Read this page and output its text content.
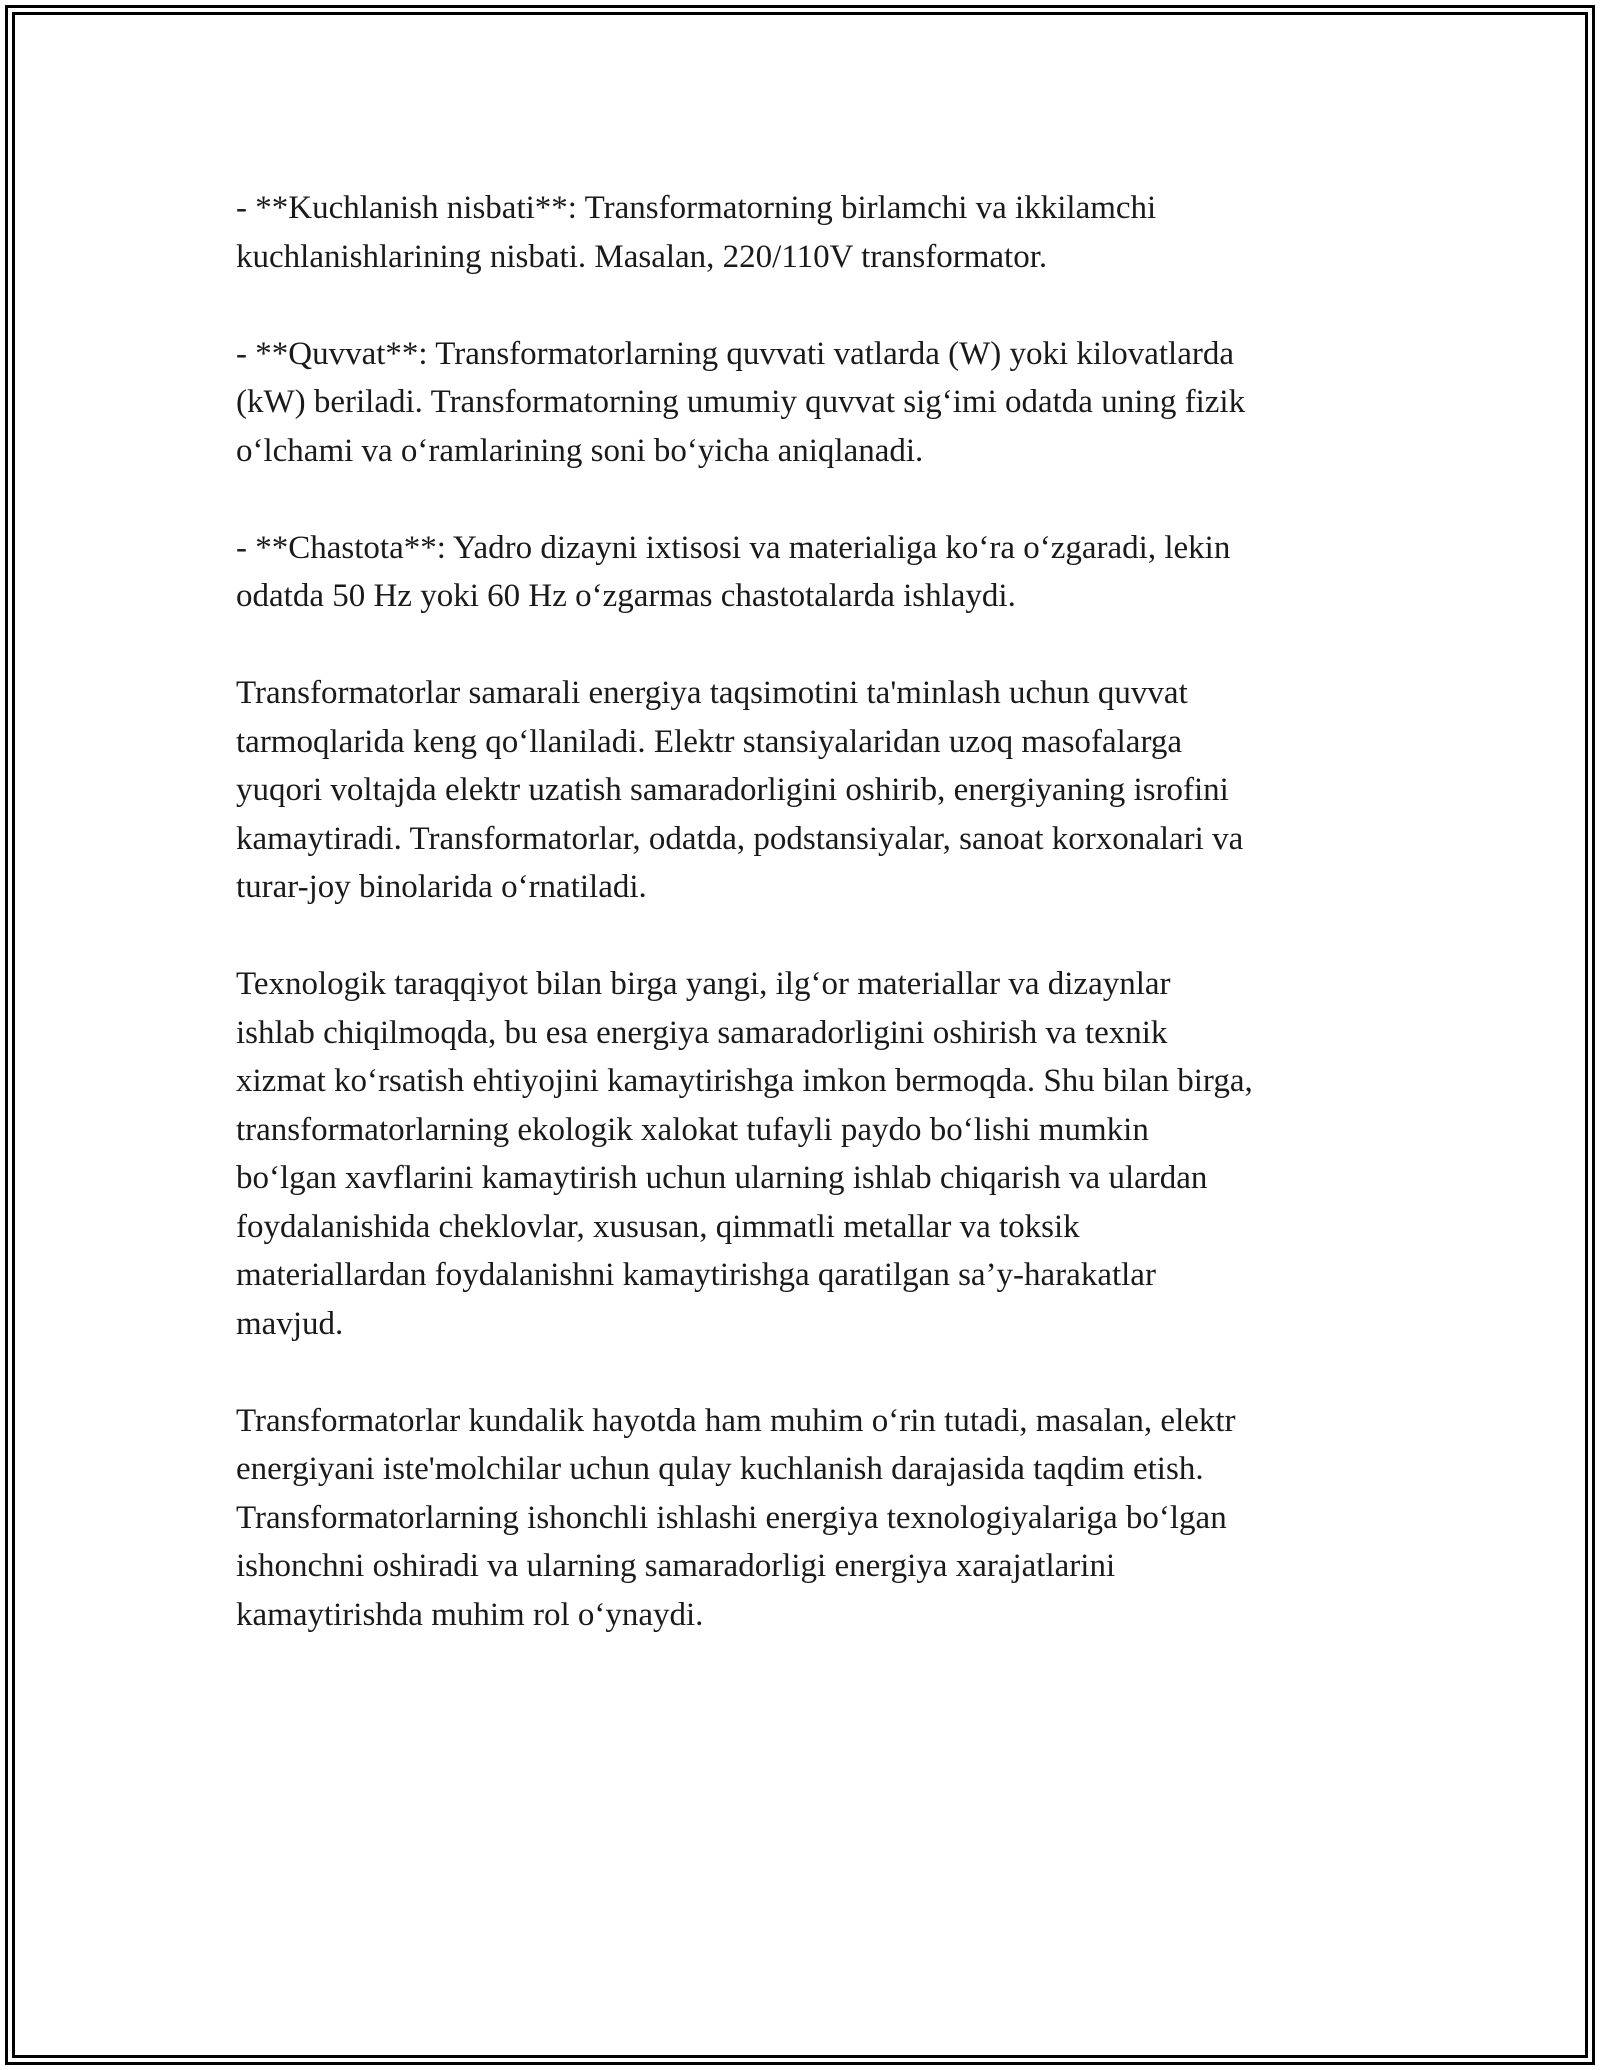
- **Kuchlanish nisbati**: Transformatorning birlamchi va ikkilamchi
kuchlanishlarining nisbati. Masalan, 220/110V transformator.

- **Quvvat**: Transformatorlarning quvvati vatlarda (W) yoki kilovatlarda
(kW) beriladi. Transformatorning umumiy quvvat sig‘imi odatda uning fizik
o‘lchami va o‘ramlarining soni bo‘yicha aniqlanadi.

- **Chastota**: Yadro dizayni ixtisosi va materialiga ko‘ra o‘zgaradi, lekin
odatda 50 Hz yoki 60 Hz o‘zgarmas chastotalarda ishlaydi.

Transformatorlar samarali energiya taqsimotini ta'minlash uchun quvvat
tarmoqlarida keng qo‘llaniladi. Elektr stansiyalaridan uzoq masofalarga
yuqori voltajda elektr uzatish samaradorligini oshirib, energiyaning isrofini
kamaytiradi. Transformatorlar, odatda, podstansiyalar, sanoat korxonalari va
turar-joy binolarida o‘rnatiladi.

Texnologik taraqqiyot bilan birga yangi, ilg‘or materiallar va dizaynlar
ishlab chiqilmoqda, bu esa energiya samaradorligini oshirish va texnik
xizmat ko‘rsatish ehtiyojini kamaytirishga imkon bermoqda. Shu bilan birga,
transformatorlarning ekologik xalokat tufayli paydo bo‘lishi mumkin
bo‘lgan xavflarini kamaytirish uchun ularning ishlab chiqarish va ulardan
foydalanishida cheklovlar, xususan, qimmatli metallar va toksik
materiallardan foydalanishni kamaytirishga qaratilgan sa’y-harakatlar
mavjud.

Transformatorlar kundalik hayotda ham muhim o‘rin tutadi, masalan, elektr
energiyani iste'molchilar uchun qulay kuchlanish darajasida taqdim etish.
Transformatorlarning ishonchli ishlashi energiya texnologiyalariga bo‘lgan
ishonchni oshiradi va ularning samaradorligi energiya xarajatlarini
kamaytirishda muhim rol o‘ynaydi.
